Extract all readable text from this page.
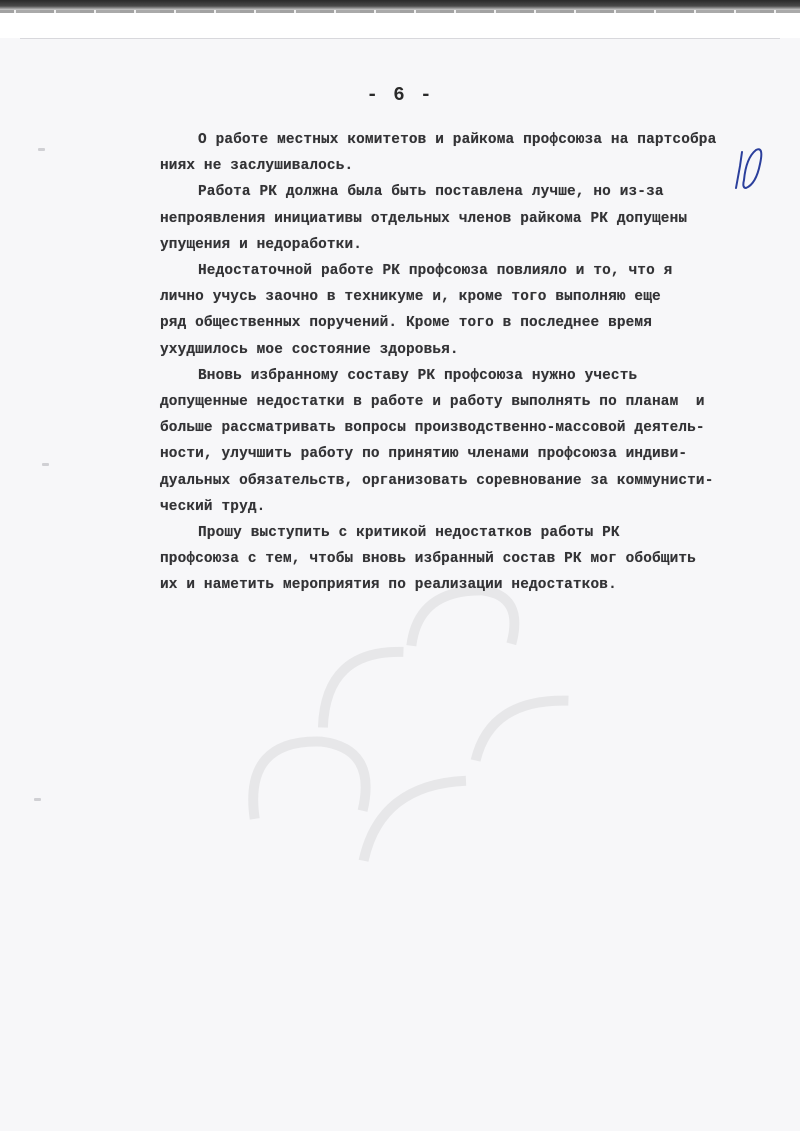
- 6 -
О работе местных комитетов и райкома профсоюза на партсобра
ниях не заслушивалось.
Работа РК должна была быть поставлена лучше, но из-за
непроявления инициативы отдельных членов райкома РК допущены
упущения и недоработки.
Недостаточной работе РК профсоюза повлияло и то, что я
лично учусь заочно в техникуме и, кроме того выполняю еще
ряд общественных поручений. Кроме того в последнее время
ухудшилось мое состояние здоровья.
Вновь избранному составу РК профсоюза нужно учесть
допущенные недостатки в работе и работу выполнять по планам  и
больше рассматривать вопросы производственно-массовой деятель-
ности, улучшить работу по принятию членами профсоюза индиви-
дуальных обязательств, организовать соревнование за коммунисти-
ческий труд.
Прошу выступить с критикой недостатков работы РК
профсоюза с тем, чтобы вновь избранный состав РК мог обобщить
их и наметить мероприятия по реализации недостатков.
